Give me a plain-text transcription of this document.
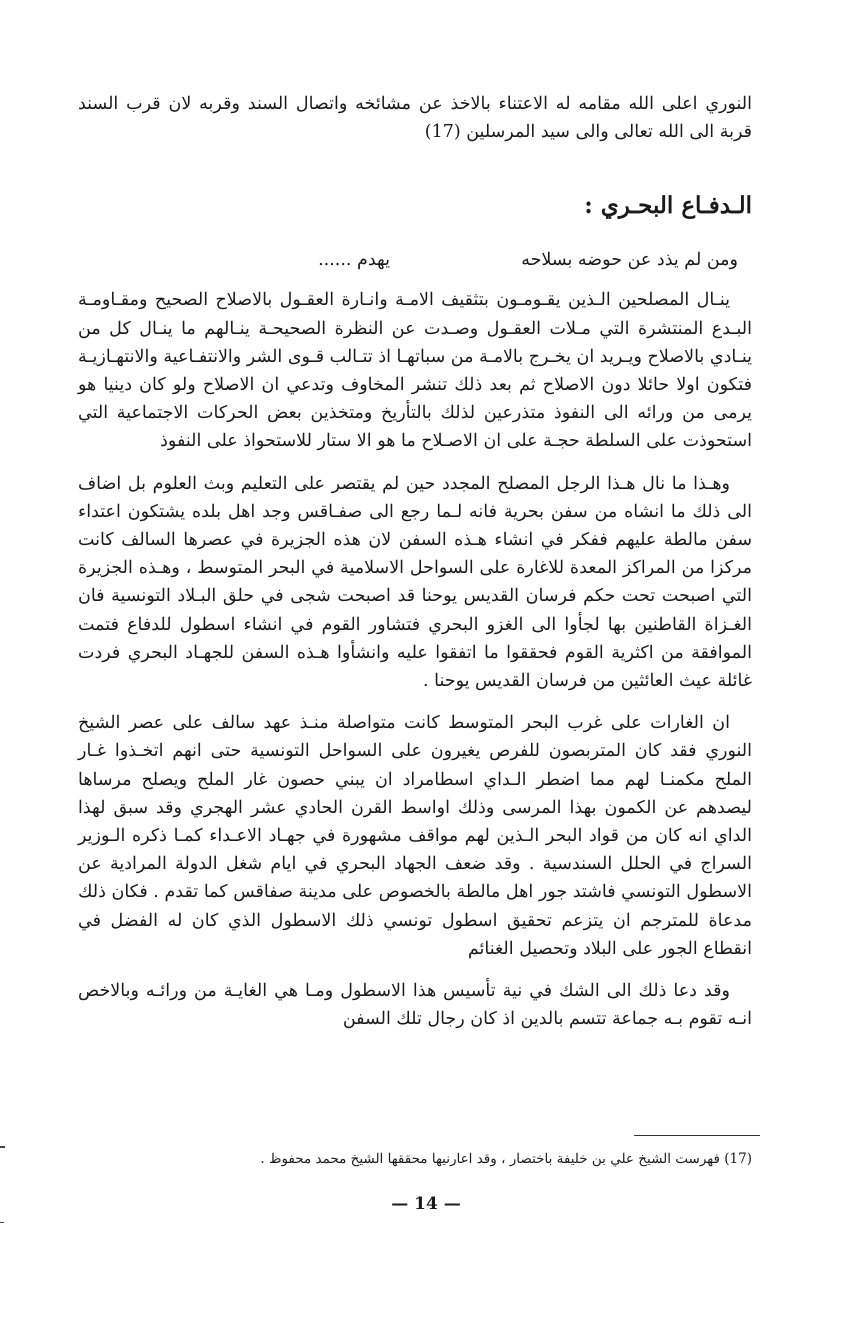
النوري اعلى الله مقامه له الاعتناء بالاخذ عن مشائخه واتصال السند وقربه لان قرب السند قربة الى الله تعالى والى سيد المرسلين (17)

الـدفـاع البحـري :
ومن لم يذد عن حوضه بسلاحه
يهدم ......

ينـال المصلحين الـذين يقـومـون بتثقيف الامـة وانـارة العقـول بالاصلاح الصحيح ومقـاومـة البـدع المنتشرة التي مـلات العقـول وصـدت عن النظرة الصحيحـة ينـالهم ما ينـال كل من ينـادي بالاصلاح ويـريد ان يخـرج بالامـة من سباتهـا اذ تتـالب قـوى الشر والانتفـاعية والانتهـازيـة فتكون اولا حائلا دون الاصلاح ثم بعد ذلك تنشر المخاوف وتدعي ان الاصلاح ولو كان دينيا هو يرمى من ورائه الى النفوذ متذرعين لذلك بالتأريخ ومتخذين بعض الحركات الاجتماعية التي استحوذت على السلطة حجـة على ان الاصـلاح ما هو الا ستار للاستحواذ على النفوذ

وهـذا ما نال هـذا الرجل المصلح المجدد حين لم يقتصر على التعليم وبث العلوم بل اضاف الى ذلك ما انشاه من سفن بحرية فانه لـما رجع الى صفـاقس وجد اهل بلده يشتكون اعتداء سفن مالطة عليهم ففكر في انشاء هـذه السفن لان هذه الجزيرة في عصرها السالف كانت مركزا من المراكز المعدة للاغارة على السواحل الاسلامية في البحر المتوسط ، وهـذه الجزيرة التي اصبحت تحت حكم فرسان القديس يوحنا قد اصبحت شجى في حلق البـلاد التونسية فان الغـزاة القاطنين بها لجأوا الى الغزو البحري فتشاور القوم في انشاء اسطول للدفاع فتمت الموافقة من اكثرية القوم فحققوا ما اتفقوا عليه وانشأوا هـذه السفن للجهـاد البحري فردت غائلة عيث العائثين من فرسان القديس يوحنا .

ان الغارات على غرب البحر المتوسط كانت متواصلة منـذ عهد سالف على عصر الشيخ النوري فقد كان المتربصون للفرص يغيرون على السواحل التونسية حتى انهم اتخـذوا غـار الملح مكمنـا لهم مما اضطر الـداي اسطامراد ان يبني حصون غار الملح ويصلح مرساها ليصدهم عن الكمون بهذا المرسى وذلك اواسط القرن الحادي عشر الهجري وقد سبق لهذا الداي انه كان من قواد البحر الـذين لهم مواقف مشهورة في جهـاد الاعـداء كمـا ذكره الـوزير السراج في الحلل السندسية . وقد ضعف الجهاد البحري في ايام شغل الدولة المرادية عن الاسطول التونسي فاشتد جور اهل مالطة بالخصوص على مدينة صفاقس كما تقدم . فكان ذلك مدعاة للمترجم ان يتزعم تحقيق اسطول تونسي ذلك الاسطول الذي كان له الفضل في انقطاع الجور على البلاد وتحصيل الغنائم

وقد دعا ذلك الى الشك في نية تأسيس هذا الاسطول ومـا هي الغايـة من ورائـه وبالاخص انـه تقوم بـه جماعة تتسم بالدين اذ كان رجال تلك السفن

(17) فهرست الشيخ علي بن خليفة باختصار ، وقد اعارنيها محققها الشيخ محمد محفوظ .
— 14 —
